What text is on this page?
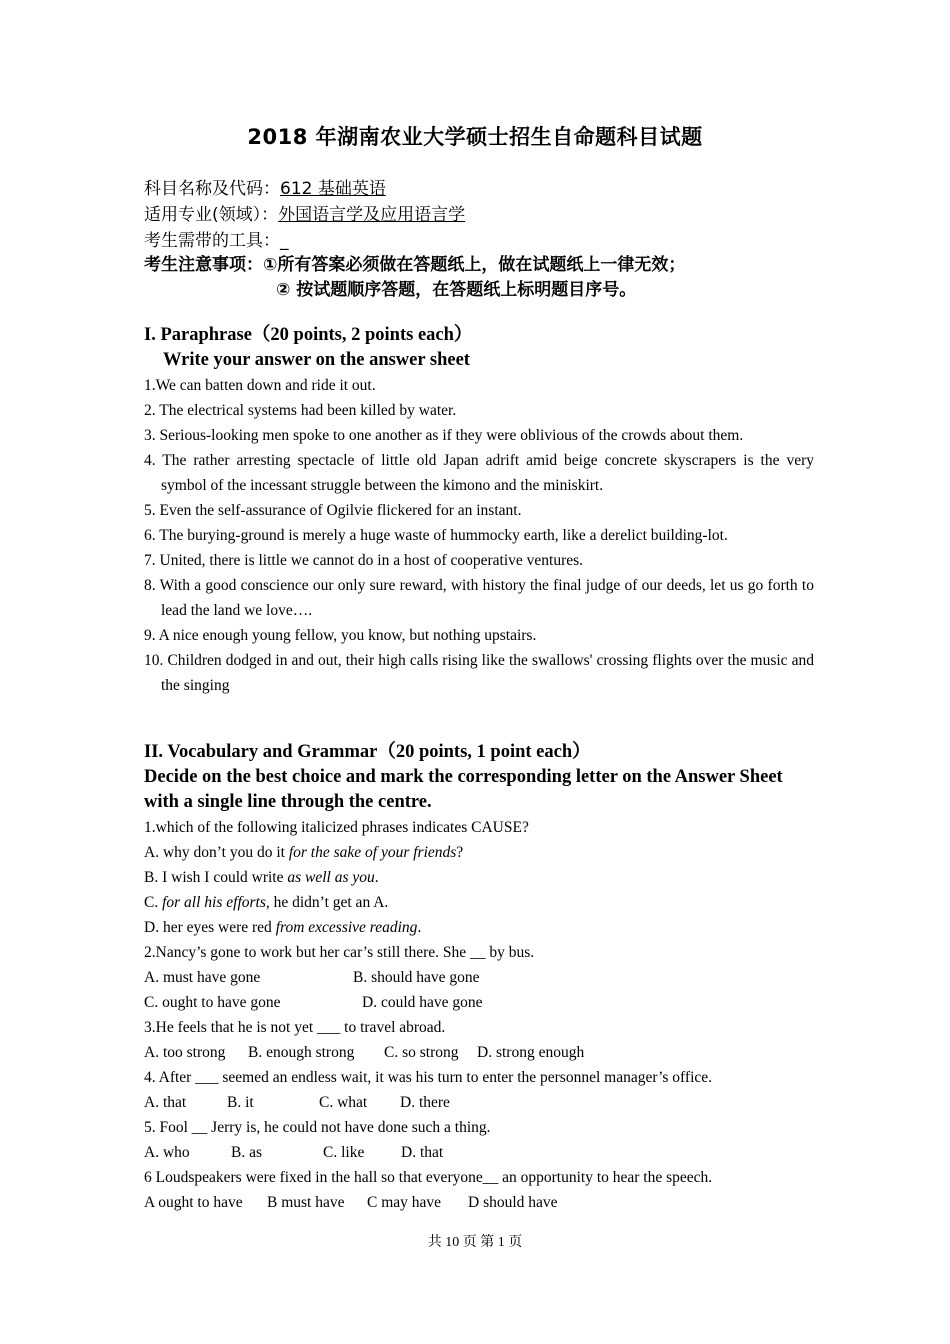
2018 年湖南农业大学硕士招生自命题科目试题
科目名称及代码：612 基础英语
适用专业(领域）：外国语言学及应用语言学
考生需带的工具：_
考生注意事项：①所有答案必须做在答题纸上，做在试题纸上一律无效；
② 按试题顺序答题，在答题纸上标明题目序号。

I. Paraphrase（20 points, 2 points each）

Write your answer on the answer sheet

1.We can batten down and ride it out.

2. The electrical systems had been killed by water.

3. Serious-looking men spoke to one another as if they were oblivious of the crowds about them.

4. The rather arresting spectacle of little old Japan adrift amid beige concrete skyscrapers is the very symbol of the incessant struggle between the kimono and the miniskirt.

5. Even the self-assurance of Ogilvie flickered for an instant.

6. The burying-ground is merely a huge waste of hummocky earth, like a derelict building-lot.

7. United, there is little we cannot do in a host of cooperative ventures.

8. With a good conscience our only sure reward, with history the final judge of our deeds, let us go forth to lead the land we love….

9. A nice enough young fellow, you know, but nothing upstairs.

10. Children dodged in and out, their high calls rising like the swallows' crossing flights over the music and the singing

II. Vocabulary and Grammar（20 points, 1 point each）

Decide on the best choice and mark the corresponding letter on the Answer Sheet with a single line through the centre.

1.which of the following italicized phrases indicates CAUSE?

A. why don’t you do it for the sake of your friends?

B. I wish I could write as well as you.

C. for all his efforts, he didn’t get an A.

D. her eyes were red from excessive reading.

2.Nancy’s gone to work but her car’s still there. She __ by bus.

A. must have gone	B. should have gone

C. ought to have gone	D. could have gone

3.He feels that he is not yet ___ to travel abroad.

A. too strong B. enough strong C. so strong D. strong enough

4. After ___ seemed an endless wait, it was his turn to enter the personnel manager’s office.

A. that	B. it	C. what D. there

5. Fool __ Jerry is, he could not have done such a thing.

A. who	B. as	C. like D. that

6 Loudspeakers were fixed in the hall so that everyone__ an opportunity to hear the speech.

A ought to have B must have C may have D should have

共 10 页 第 1 页
